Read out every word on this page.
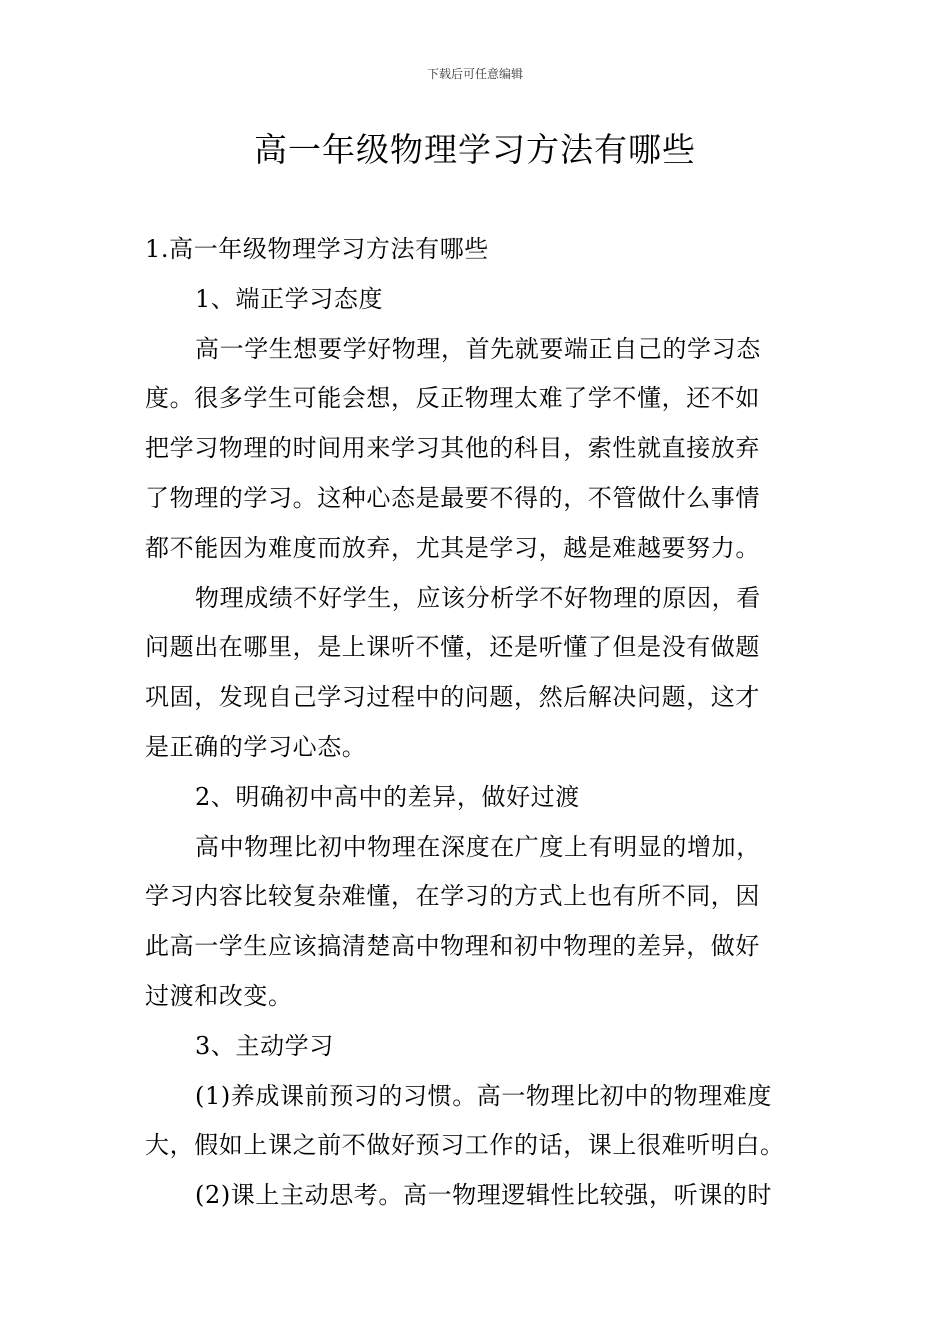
下载后可任意编辑
高一年级物理学习方法有哪些

1.高一年级物理学习方法有哪些

1、端正学习态度

高一学生想要学好物理，首先就要端正自己的学习态

度。很多学生可能会想，反正物理太难了学不懂，还不如

把学习物理的时间用来学习其他的科目，索性就直接放弃

了物理的学习。这种心态是最要不得的，不管做什么事情

都不能因为难度而放弃，尤其是学习，越是难越要努力。

物理成绩不好学生，应该分析学不好物理的原因，看

问题出在哪里，是上课听不懂，还是听懂了但是没有做题

巩固，发现自己学习过程中的问题，然后解决问题，这才

是正确的学习心态。

2、明确初中高中的差异，做好过渡

高中物理比初中物理在深度在广度上有明显的增加，

学习内容比较复杂难懂，在学习的方式上也有所不同，因

此高一学生应该搞清楚高中物理和初中物理的差异，做好

过渡和改变。

3、主动学习

(1)养成课前预习的习惯。高一物理比初中的物理难度

大，假如上课之前不做好预习工作的话，课上很难听明白。

(2)课上主动思考。高一物理逻辑性比较强，听课的时
